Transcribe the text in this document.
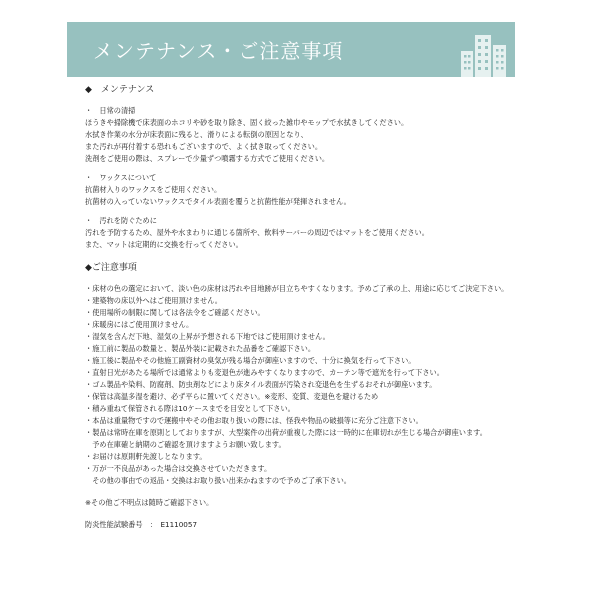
メンテナンス・ご注意事項
◆　メンテナンス
・　日常の清掃
ほうきや掃除機で床表面のホコリや砂を取り除き、固く絞った雑巾やモップで水拭きしてください。
水拭き作業の水分が床表面に残ると、滑りによる転倒の原因となり、
また汚れが再付着する恐れもございますので、よく拭き取ってください。
洗剤をご使用の際は、スプレーで少量ずつ噴霧する方式でご使用ください。
・　ワックスについて
抗菌材入りのワックスをご使用ください。
抗菌材の入っていないワックスでタイル表面を覆うと抗菌性能が発揮されません。
・　汚れを防ぐために
汚れを予防するため、屋外や水まわりに通じる箇所や、飲料サーバーの周辺ではマットをご使用ください。
また、マットは定期的に交換を行ってください。
◆ご注意事項
・床材の色の選定において、淡い色の床材は汚れや目地跡が目立ちやすくなります。予めご了承の上、用途に応じてご決定下さい。
・建築物の床以外へはご使用頂けません。
・使用場所の制限に関しては各法令をご確認ください。
・床暖房にはご使用頂けません。
・湿気を含んだ下地、湿気の上昇が予想される下地ではご使用頂けません。
・施工前に製品の数量と、製品外装に記載された品番をご確認下さい。
・施工後に製品やその他施工副資材の臭気が残る場合が御座いますので、十分に換気を行って下さい。
・直射日光があたる場所では通常よりも変退色が進みやすくなりますので、カーテン等で遮光を行って下さい。
・ゴム製品や染料、防腐剤、防虫剤などにより床タイル表面が汚染され変退色を生ずるおそれが御座います。
・保管は高温多湿を避け、必ず平らに置いてください。※変形、変質、変退色を避けるため
・積み重ねて保管される際は10ケースまでを目安として下さい。
・本品は重量物ですので運搬中やその他お取り扱いの際には、怪我や物品の破損等に充分ご注意下さい。
・製品は常時在庫を原則としておりますが、大型案件の出荷が重複した際には一時的に在庫切れが生じる場合が御座います。
　予め在庫確と納期のご確認を頂けますようお願い致します。
・お届けは原則軒先渡しとなります。
・万が一不良品があった場合は交換させていただきます。
　その他の事由での返品・交換はお取り扱い出来かねますので予めご了承下さい。
※その他ご不明点は随時ご確認下さい。
防炎性能試験番号　：　E1110057
